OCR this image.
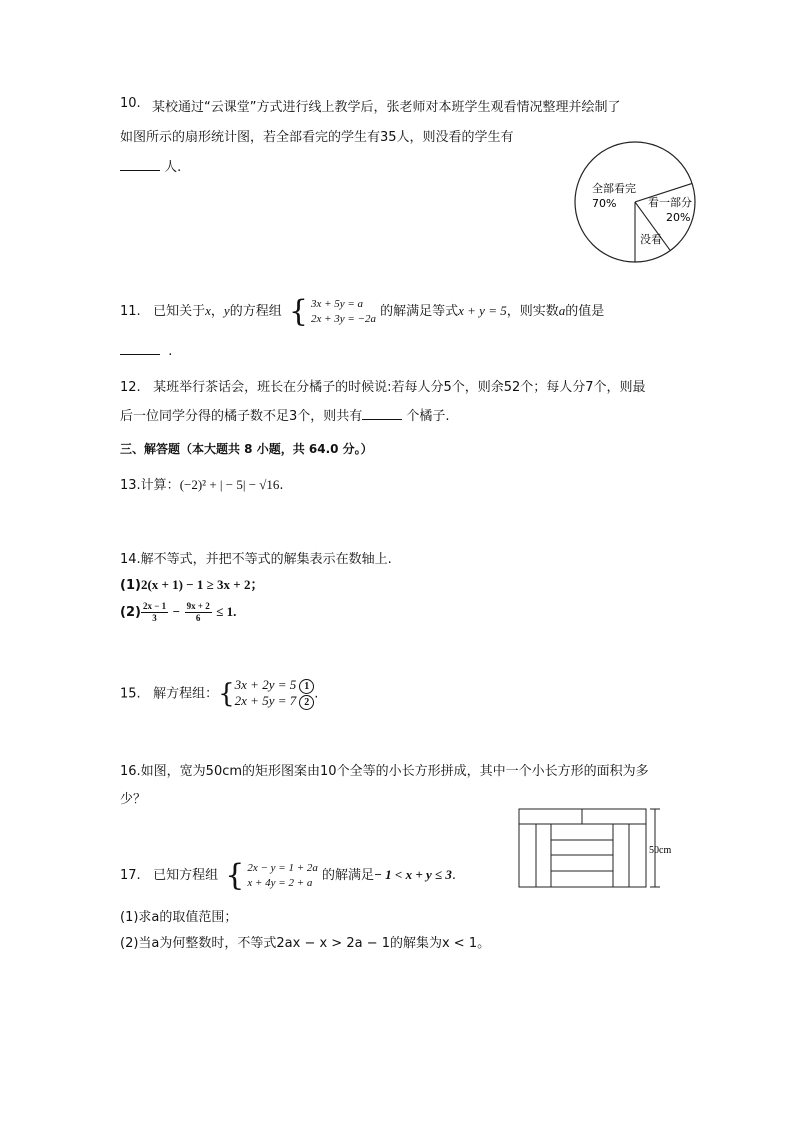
10. 某校通过“云课堂”方式进行线上教学后，张老师对本班学生观看情况整理并绘制了
如图所示的扇形统计图，若全部看完的学生有35人，则没看的学生有
人.
全部看完
70%	看一部分
20%
没看
11. 已知关于x，y的方程组 { 3x + 5y = a
2x + 3y = −2a 的解满足等式x + y = 5，则实数a的值是
.
12. 某班举行茶话会，班长在分橘子的时候说:若每人分5个，则余52个；每人分7个，则最
后一位同学分得的橘子数不足3个，则共有	个橘子.
三、解答题（本大题共 8 小题，共 64.0 分。）
13.计算：(−2)² + | − 5| − √16.
14.解不等式，并把不等式的解集表示在数轴上.
(1)2(x + 1) − 1 ≥ 3x + 2；
$(2) \frac{2x - 1}{3} - \frac{9x + 2}{6} \le 1$.
15. 解方程组：{ 3x + 2y = 5 1
2x + 5y = 7 2
.
16.如图，宽为50cm的矩形图案由10个全等的小长方形拼成，其中一个小长方形的面积为多
少？
50cm
17. 已知方程组 { 2x − y = 1 + 2a
x + 4y = 2 + a 的解满足− 1 < x + y ≤ 3.
(1)求a的取值范围；
(2)当a为何整数时，不等式2ax − x > 2a − 1的解集为x < 1。
